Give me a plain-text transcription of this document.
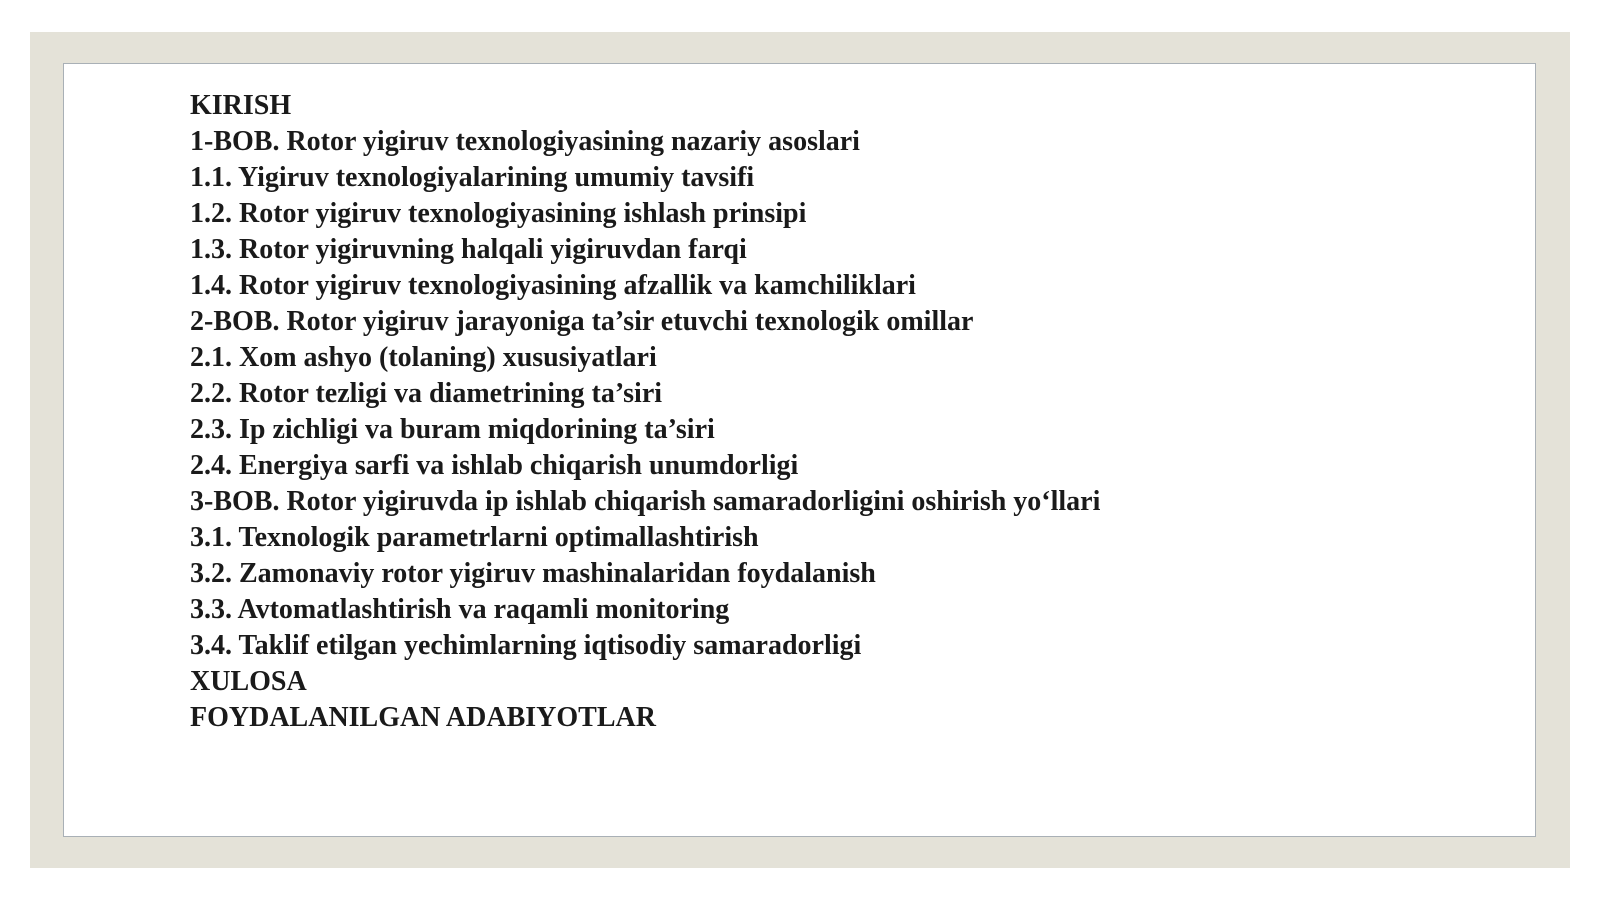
KIRISH
1-BOB. Rotor yigiruv texnologiyasining nazariy asoslari
1.1. Yigiruv texnologiyalarining umumiy tavsifi
1.2. Rotor yigiruv texnologiyasining ishlash prinsipi
1.3. Rotor yigiruvning halqali yigiruvdan farqi
1.4. Rotor yigiruv texnologiyasining afzallik va kamchiliklari
2-BOB. Rotor yigiruv jarayoniga ta’sir etuvchi texnologik omillar
2.1. Xom ashyo (tolaning) xususiyatlari
2.2. Rotor tezligi va diametrining ta’siri
2.3. Ip zichligi va buram miqdorining ta’siri
2.4. Energiya sarfi va ishlab chiqarish unumdorligi
3-BOB. Rotor yigiruvda ip ishlab chiqarish samaradorligini oshirish yo‘llari
3.1. Texnologik parametrlarni optimallashtirish
3.2. Zamonaviy rotor yigiruv mashinalaridan foydalanish
3.3. Avtomatlashtirish va raqamli monitoring
3.4. Taklif etilgan yechimlarning iqtisodiy samaradorligi
XULOSA
FOYDALANILGAN ADABIYOTLAR
